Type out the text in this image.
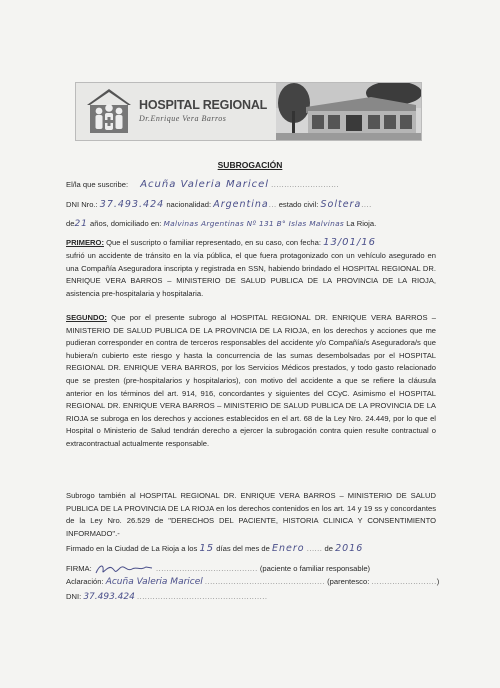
HOSPITAL REGIONAL
Dr.Enrique Vera Barros
SUBROGACIÓN
El/la que suscribe: Acuña Valeria Maricel ..........................
DNI Nro.: 37.493.424 nacionalidad: Argentina... estado civil: Soltera....
de21 años, domiciliado en: Malvinas Argentinas Nº 131 B° Islas Malvinas La Rioja.
PRIMERO: Que el suscripto o familiar representado, en su caso, con fecha: 13/01/16
sufrió un accidente de tránsito en la vía pública, el que fuera protagonizado con un vehículo asegurado en una Compañía Aseguradora inscripta y registrada en SSN, habiendo brindado el HOSPITAL REGIONAL DR. ENRIQUE VERA BARROS – MINISTERIO DE SALUD PUBLICA DE LA PROVINCIA DE LA RIOJA, asistencia pre-hospitalaria y hospitalaria.
SEGUNDO: Que por el presente subrogo al HOSPITAL REGIONAL DR. ENRIQUE VERA BARROS – MINISTERIO DE SALUD PUBLICA DE LA PROVINCIA DE LA RIOJA, en los derechos y acciones que me pudieran corresponder en contra de terceros responsables del accidente y/o Compañía/s Aseguradora/s que hubiera/n cubierto este riesgo y hasta la concurrencia de las sumas desembolsadas por el HOSPITAL REGIONAL DR. ENRIQUE VERA BARROS, por los Servicios Médicos prestados, y todo gasto relacionado que se presten (pre-hospitalarios y hospitalarios), con motivo del accidente a que se refiere la cláusula anterior en los términos del art. 914, 916, concordantes y siguientes del CCyC. Asimismo el HOSPITAL REGIONAL DR. ENRIQUE VERA BARROS – MINISTERIO DE SALUD PUBLICA DE LA PROVINCIA DE LA RIOJA se subroga en los derechos y acciones establecidos en el art. 68 de la Ley Nro. 24.449, por lo que el Hospital o Ministerio de Salud tendrán derecho a ejercer la subrogación contra quien resulte contractual o extracontractual actualmente responsable.
Subrogo también al HOSPITAL REGIONAL DR. ENRIQUE VERA BARROS – MINISTERIO DE SALUD PUBLICA DE LA PROVINCIA DE LA RIOJA en los derechos contenidos en los art. 14 y 19 ss y concordantes de la Ley Nro. 26.529 de "DERECHOS DEL PACIENTE, HISTORIA CLINICA Y CONSENTIMIENTO INFORMADO".-
Firmado en la Ciudad de La Rioja a los 15 días del mes de Enero ...... de 2016
FIRMA:	....................................... (paciente o familiar responsable)
Aclaración: Acuña Valeria Maricel .............................................. (parentesco: .........................)
DNI: 37.493.424 ..................................................
